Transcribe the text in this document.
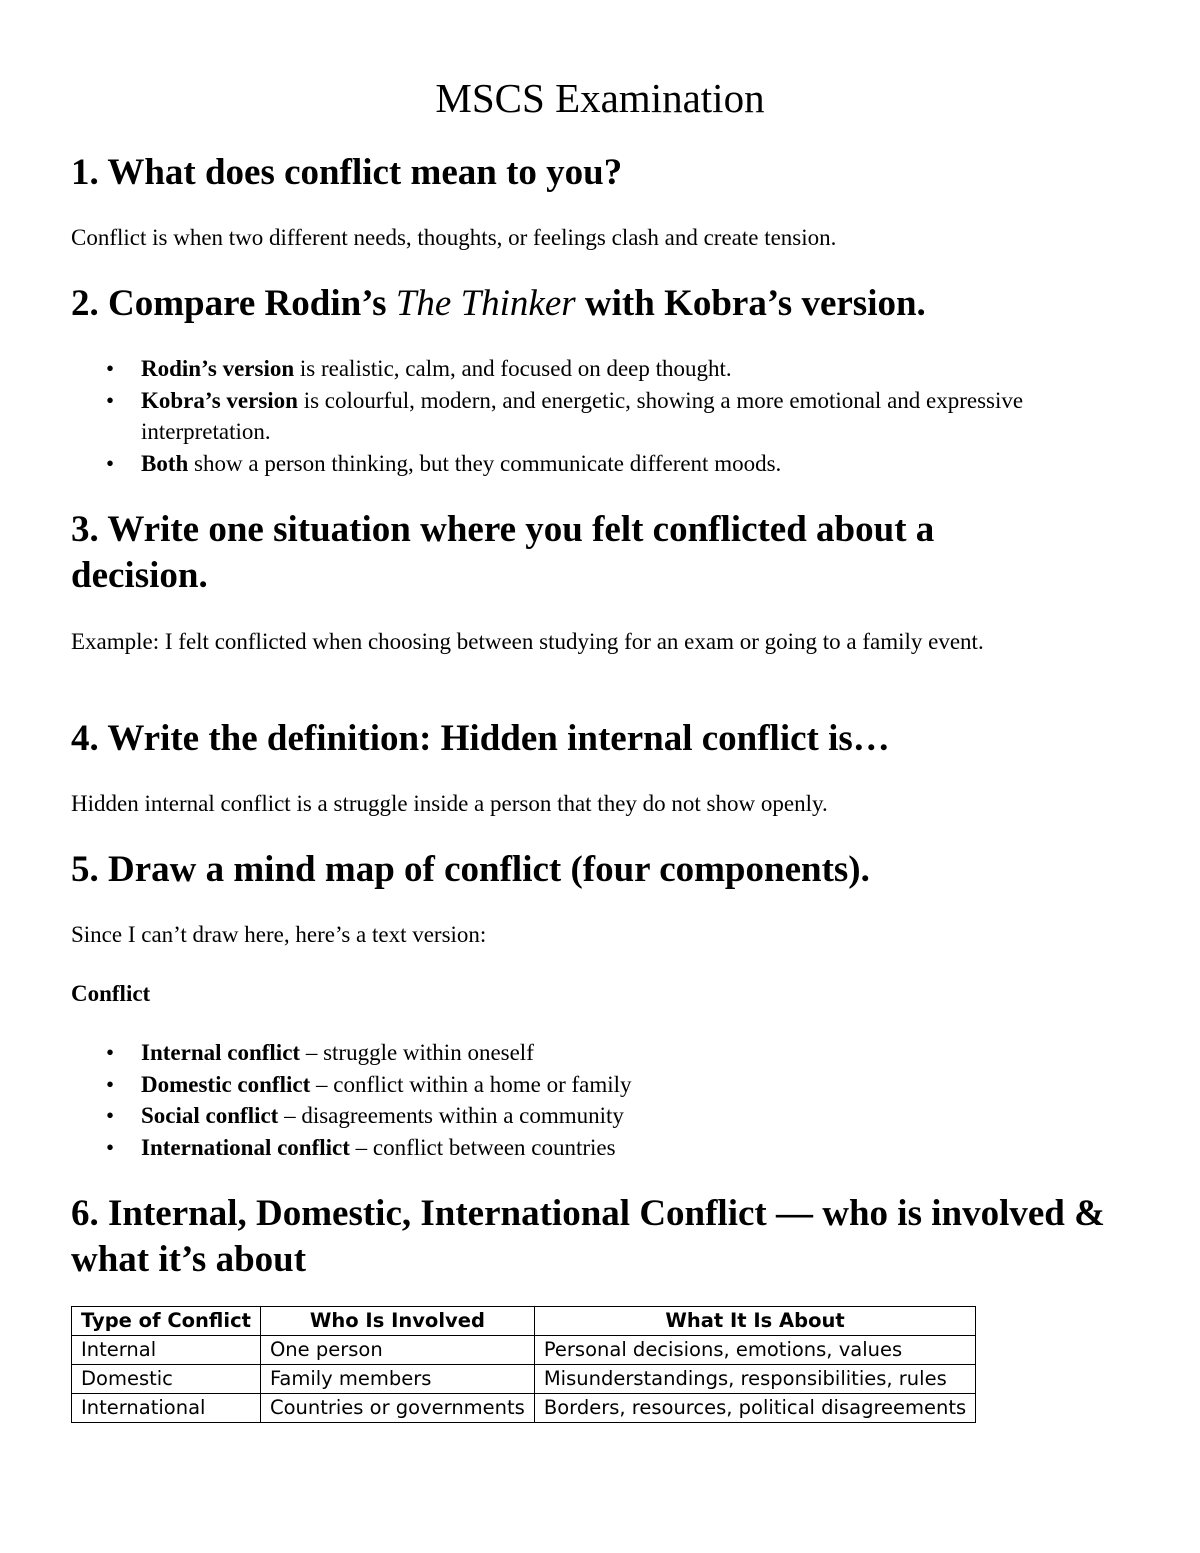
MSCS Examination
1. What does conflict mean to you?

Conflict is when two different needs, thoughts, or feelings clash and create tension.

2. Compare Rodin’s The Thinker with Kobra’s version.
• Rodin’s version is realistic, calm, and focused on deep thought.
• Kobra’s version is colourful, modern, and energetic, showing a more emotional and expressive interpretation.
• Both show a person thinking, but they communicate different moods.
3. Write one situation where you felt conflicted about a decision.

Example: I felt conflicted when choosing between studying for an exam or going to a family event.

4. Write the definition: Hidden internal conflict is…

Hidden internal conflict is a struggle inside a person that they do not show openly.

5. Draw a mind map of conflict (four components).

Since I can’t draw here, here’s a text version:

Conflict

• Internal conflict – struggle within oneself
• Domestic conflict – conflict within a home or family
• Social conflict – disagreements within a community
• International conflict – conflict between countries
6. Internal, Domestic, International Conflict — who is involved & what it’s about
Type of Conflict	Who Is Involved	What It Is About
Internal	One person	Personal decisions, emotions, values
Domestic	Family members	Misunderstandings, responsibilities, rules
International	Countries or governments	Borders, resources, political disagreements
